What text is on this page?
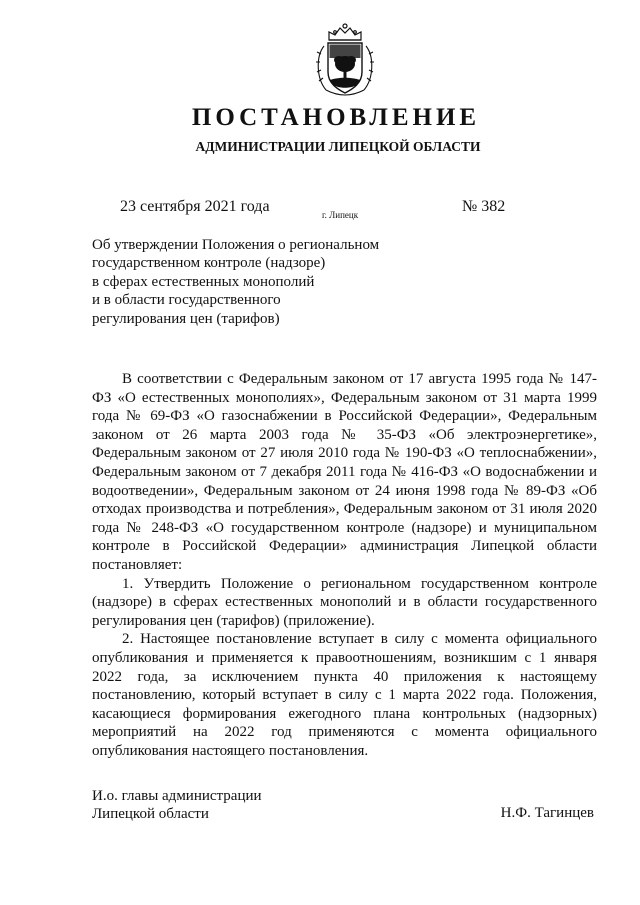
ПОСТАНОВЛЕНИЕ
АДМИНИСТРАЦИИ ЛИПЕЦКОЙ ОБЛАСТИ
23 сентября 2021 года	г. Липецк	№ 382
Об утверждении Положения о региональном
государственном контроле (надзоре)
в сферах естественных монополий
и в области государственного
регулирования цен (тарифов)

В соответствии с Федеральным законом от 17 августа 1995 года № 147-ФЗ «О естественных монополиях», Федеральным законом от 31 марта 1999 года № 69-ФЗ «О газоснабжении в Российской Федерации», Федеральным законом от 26 марта 2003 года № 35-ФЗ «Об электроэнергетике», Федеральным законом от 27 июля 2010 года № 190-ФЗ «О теплоснабжении», Федеральным законом от 7 декабря 2011 года № 416-ФЗ «О водоснабжении и водоотведении», Федеральным законом от 24 июня 1998 года № 89-ФЗ «Об отходах производства и потребления», Федеральным законом от 31 июля 2020 года № 248-ФЗ «О государственном контроле (надзоре) и муниципальном контроле в Российской Федерации» администрация Липецкой области постановляет:

1. Утвердить Положение о региональном государственном контроле (надзоре) в сферах естественных монополий и в области государственного регулирования цен (тарифов) (приложение).

2. Настоящее постановление вступает в силу с момента официального опубликования и применяется к правоотношениям, возникшим с 1 января 2022 года, за исключением пункта 40 приложения к настоящему постановлению, который вступает в силу с 1 марта 2022 года. Положения, касающиеся формирования ежегодного плана контрольных (надзорных) мероприятий на 2022 год применяются с момента официального опубликования настоящего постановления.

И.о. главы администрации
Липецкой области	Н.Ф. Тагинцев
